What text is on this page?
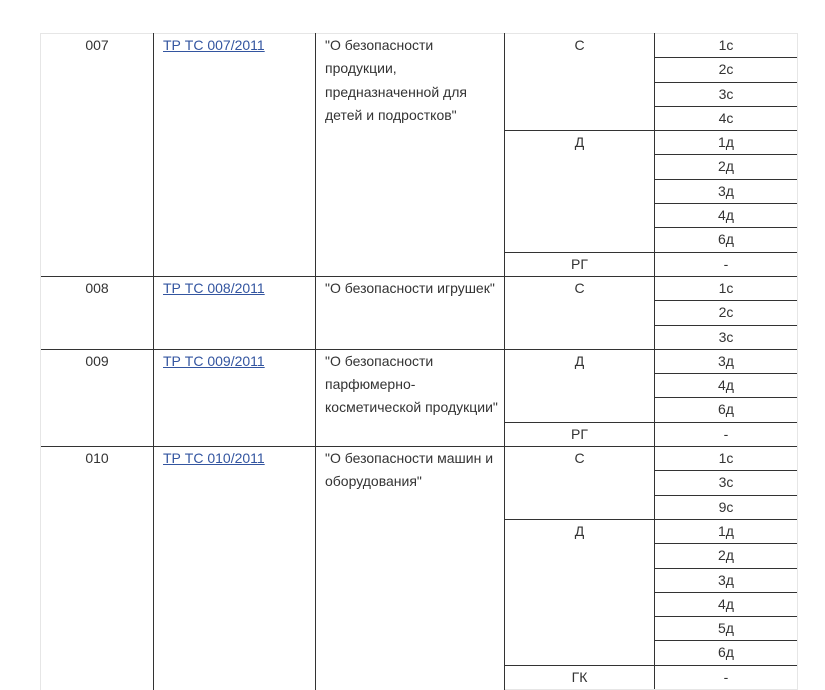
007	ТР ТС 007/2011	"О безопасности продукции, предназначенной для детей и подростков"	С	1с
				2с
				3с
				4с
			Д	1д
				2д
				3д
				4д
				6д
			РГ	-
008	ТР ТС 008/2011	"О безопасности игрушек"	С	1с
				2с
				3с
009	ТР ТС 009/2011	"О безопасности парфюмерно-косметической продукции"	Д	3д
				4д
				6д
			РГ	-
010	ТР ТС 010/2011	"О безопасности машин и оборудования"	С	1с
				3с
				9с
			Д	1д
				2д
				3д
				4д
				5д
				6д
			ГК	-
